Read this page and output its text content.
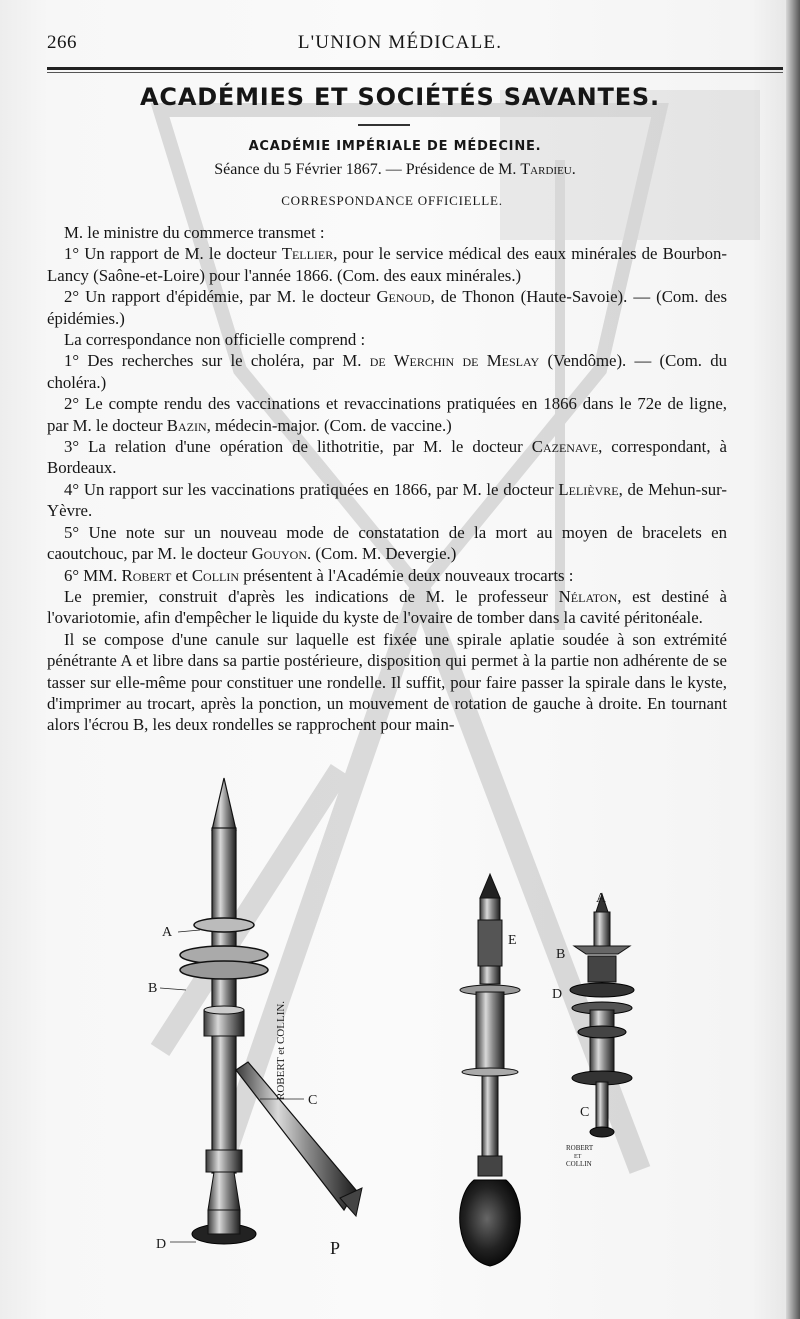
266	L'UNION MÉDICALE.
ACADÉMIES ET SOCIÉTÉS SAVANTES.
ACADÉMIE IMPÉRIALE DE MÉDECINE.
Séance du 5 Février 1867. — Présidence de M. Tardieu.
CORRESPONDANCE OFFICIELLE.

M. le ministre du commerce transmet :

1° Un rapport de M. le docteur Tellier, pour le service médical des eaux minérales de Bourbon-Lancy (Saône-et-Loire) pour l'année 1866. (Com. des eaux minérales.)

2° Un rapport d'épidémie, par M. le docteur Genoud, de Thonon (Haute-Savoie). — (Com. des épidémies.)

La correspondance non officielle comprend :

1° Des recherches sur le choléra, par M. de Werchin de Meslay (Vendôme). — (Com. du choléra.)

2° Le compte rendu des vaccinations et revaccinations pratiquées en 1866 dans le 72e de ligne, par M. le docteur Bazin, médecin-major. (Com. de vaccine.)

3° La relation d'une opération de lithotritie, par M. le docteur Cazenave, correspondant, à Bordeaux.

4° Un rapport sur les vaccinations pratiquées en 1866, par M. le docteur Lelièvre, de Mehun-sur-Yèvre.

5° Une note sur un nouveau mode de constatation de la mort au moyen de bracelets en caoutchouc, par M. le docteur Gouyon. (Com. M. Devergie.)

6° MM. Robert et Collin présentent à l'Académie deux nouveaux trocarts :

Le premier, construit d'après les indications de M. le professeur Nélaton, est destiné à l'ovariotomie, afin d'empêcher le liquide du kyste de l'ovaire de tomber dans la cavité péritonéale.

Il se compose d'une canule sur laquelle est fixée une spirale aplatie soudée à son extrémité pénétrante A et libre dans sa partie postérieure, disposition qui permet à la partie non adhérente de se tasser sur elle-même pour constituer une rondelle. Il suffit, pour faire passer la spirale dans le kyste, d'imprimer au trocart, après la ponction, un mouvement de rotation de gauche à droite. En tournant alors l'écrou B, les deux rondelles se rapprochent pour main-

ROBERT et COLLIN.
A
B
C
D	P
E
A
B
D
C
ROBERT
ET
COLLIN
